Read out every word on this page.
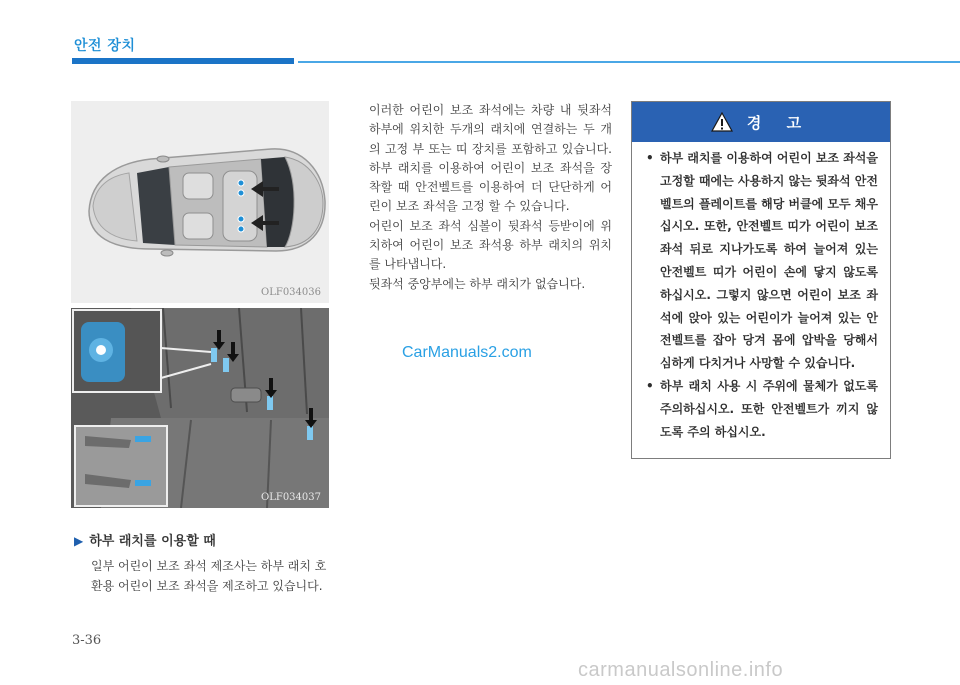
안전 장치
OLF034036
OLF034037
▶ 하부 래치를 이용할 때
일부 어린이 보조 좌석 제조사는 하부 래치 호환용 어린이 보조 좌석을 제조하고 있습니다.
3-36

이러한 어린이 보조 좌석에는 차량 내 뒷좌석 하부에 위치한 두개의 래치에 연결하는 두 개의 고정 부 또는 띠 장치를 포함하고 있습니다. 하부 래치를 이용하여 어린이 보조 좌석을 장착할 때 안전벨트를 이용하여 더 단단하게 어린이 보조 좌석을 고정 할 수 있습니다.

어린이 보조 좌석 심볼이 뒷좌석 등받이에 위치하여 어린이 보조 좌석용 하부 래치의 위치를 나타냅니다.

뒷좌석 중앙부에는 하부 래치가 없습니다.

CarManuals2.com
경 고
• 하부 래치를 이용하여 어린이 보조 좌석을 고정할 때에는 사용하지 않는 뒷좌석 안전벨트의 플레이트를 해당 버클에 모두 채우십시오. 또한, 안전벨트 띠가 어린이 보조 좌석 뒤로 지나가도록 하여 늘어져 있는 안전벨트 띠가 어린이 손에 닿지 않도록 하십시오. 그렇지 않으면 어린이 보조 좌석에 앉아 있는 어린이가 늘어져 있는 안전벨트를 잡아 당겨 몸에 압박을 당해서 심하게 다치거나 사망할 수 있습니다.
• 하부 래치 사용 시 주위에 물체가 없도록 주의하십시오. 또한 안전벨트가 끼지 않도록 주의 하십시오.
carmanualsonline.info
